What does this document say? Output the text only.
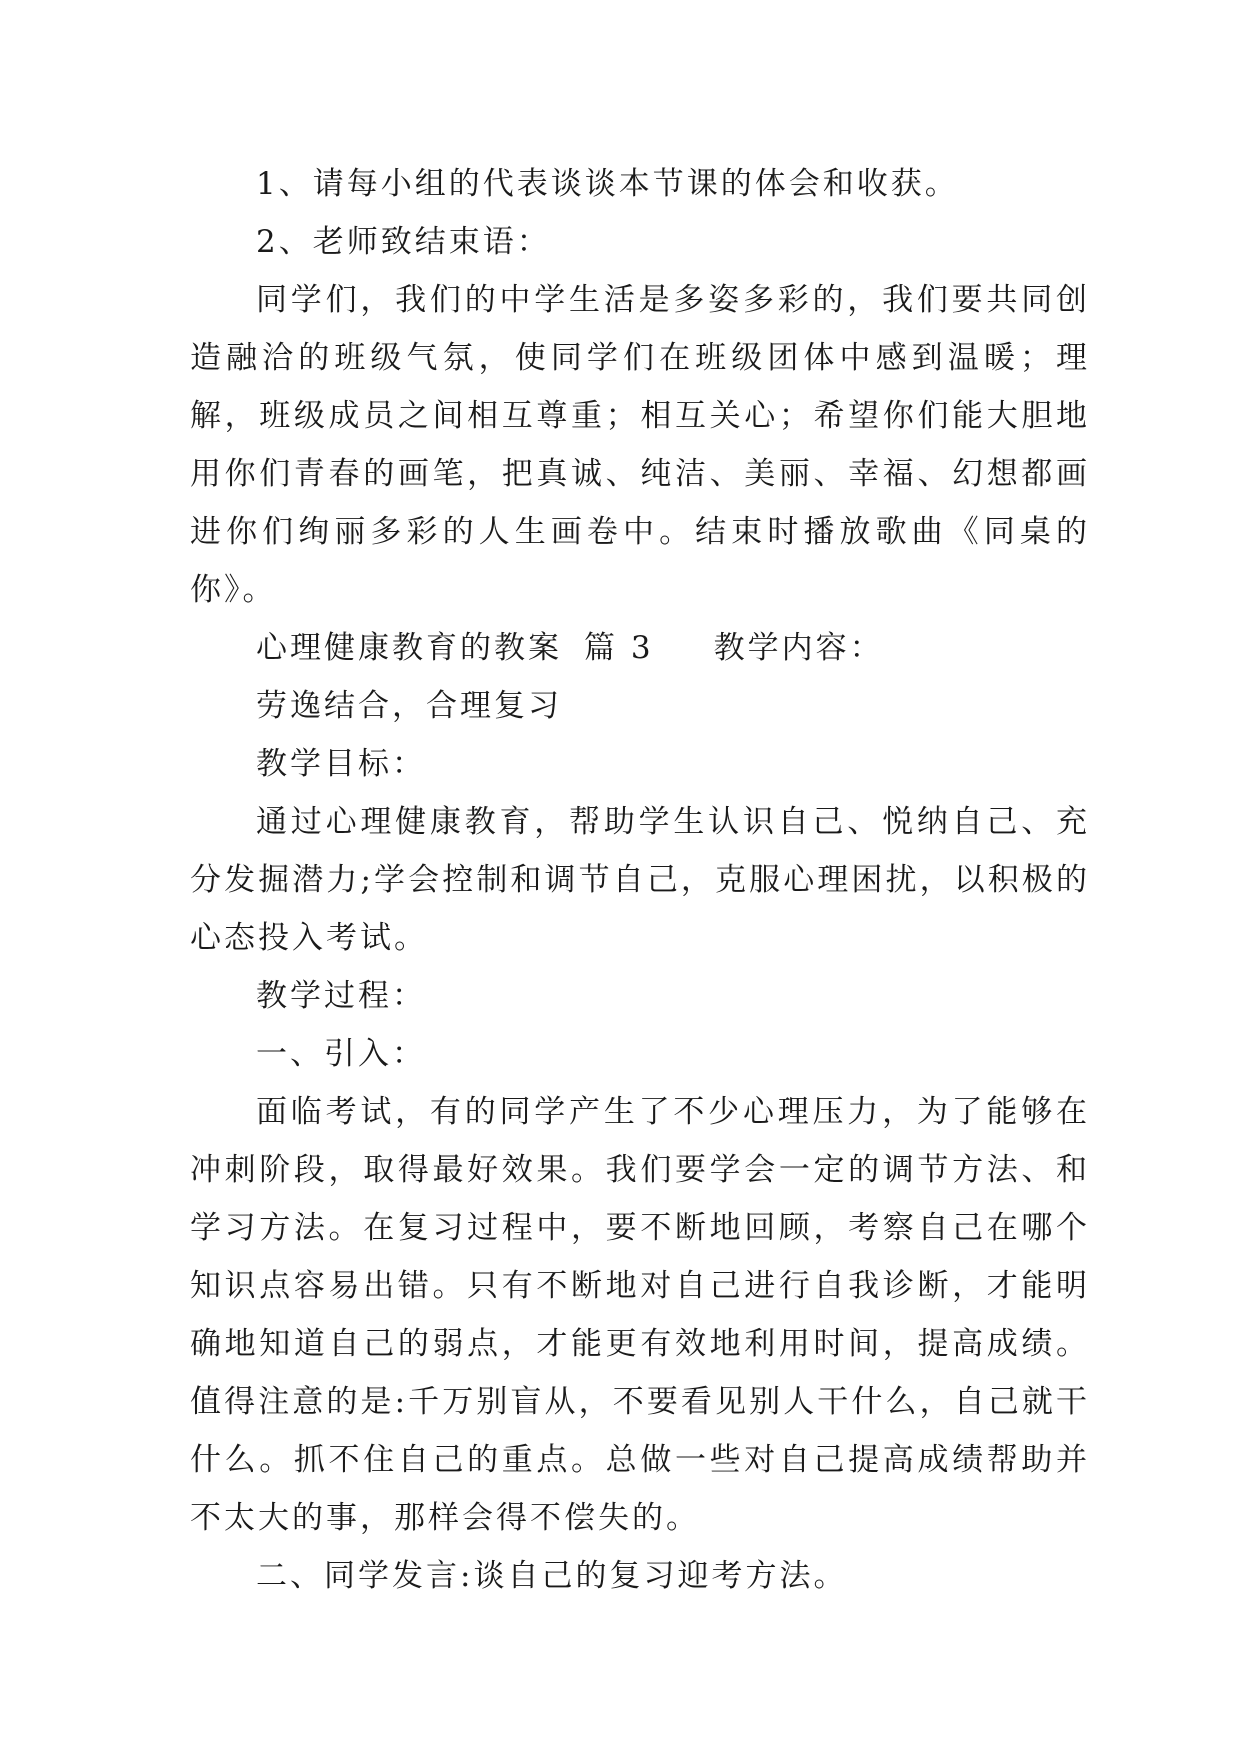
1、请每小组的代表谈谈本节课的体会和收获。

2、老师致结束语：

同学们，我们的中学生活是多姿多彩的，我们要共同创造融洽的班级气氛，使同学们在班级团体中感到温暖；理解，班级成员之间相互尊重；相互关心；希望你们能大胆地用你们青春的画笔，把真诚、纯洁、美丽、幸福、幻想都画进你们绚丽多彩的人生画卷中。结束时播放歌曲《同桌的你》。

心理健康教育的教案 篇 3 教学内容：

劳逸结合，合理复习

教学目标：

通过心理健康教育，帮助学生认识自己、悦纳自己、充分发掘潜力;学会控制和调节自己，克服心理困扰，以积极的心态投入考试。

教学过程：

一、引入：

面临考试，有的同学产生了不少心理压力，为了能够在冲刺阶段，取得最好效果。我们要学会一定的调节方法、和学习方法。在复习过程中，要不断地回顾，考察自己在哪个知识点容易出错。只有不断地对自己进行自我诊断，才能明确地知道自己的弱点，才能更有效地利用时间，提高成绩。值得注意的是:千万别盲从，不要看见别人干什么，自己就干什么。抓不住自己的重点。总做一些对自己提高成绩帮助并不太大的事，那样会得不偿失的。

二、同学发言:谈自己的复习迎考方法。
